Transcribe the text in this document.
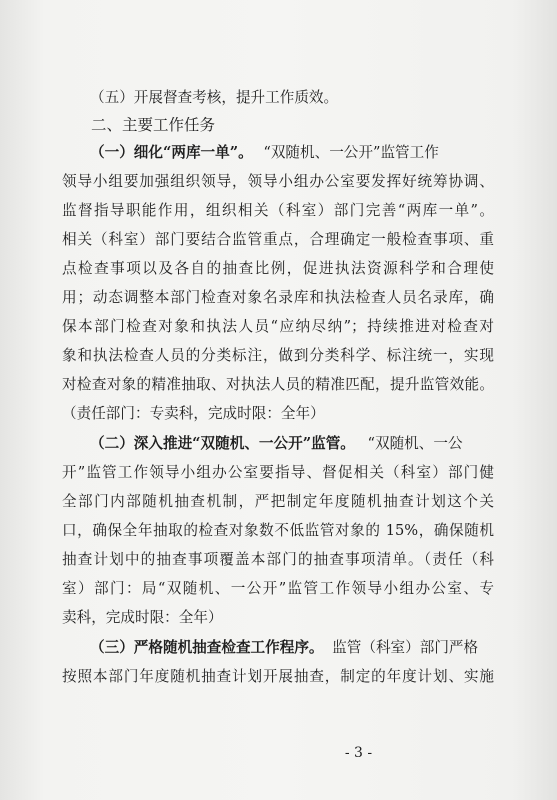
（五）开展督查考核，提升工作质效。
二、主要工作任务
（一）细化“两库一单”。 “双随机、一公开”监管工作
领导小组要加强组织领导，领导小组办公室要发挥好统筹协调、
监督指导职能作用，组织相关（科室）部门完善“两库一单”。
相关（科室）部门要结合监管重点，合理确定一般检查事项、重
点检查事项以及各自的抽查比例，促进执法资源科学和合理使
用；动态调整本部门检查对象名录库和执法检查人员名录库，确
保本部门检查对象和执法人员“应纳尽纳”；持续推进对检查对
象和执法检查人员的分类标注，做到分类科学、标注统一，实现
对检查对象的精准抽取、对执法人员的精准匹配，提升监管效能。
（责任部门：专卖科，完成时限：全年）
（二）深入推进“双随机、一公开”监管。 “双随机、一公
开”监管工作领导小组办公室要指导、督促相关（科室）部门健
全部门内部随机抽查机制，严把制定年度随机抽查计划这个关
口，确保全年抽取的检查对象数不低监管对象的 15%，确保随机
抽查计划中的抽查事项覆盖本部门的抽查事项清单。（责任（科
室）部门：局“双随机、一公开”监管工作领导小组办公室、专
卖科，完成时限：全年）
（三）严格随机抽查检查工作程序。 监管（科室）部门严格
按照本部门年度随机抽查计划开展抽查，制定的年度计划、实施
- 3 -
